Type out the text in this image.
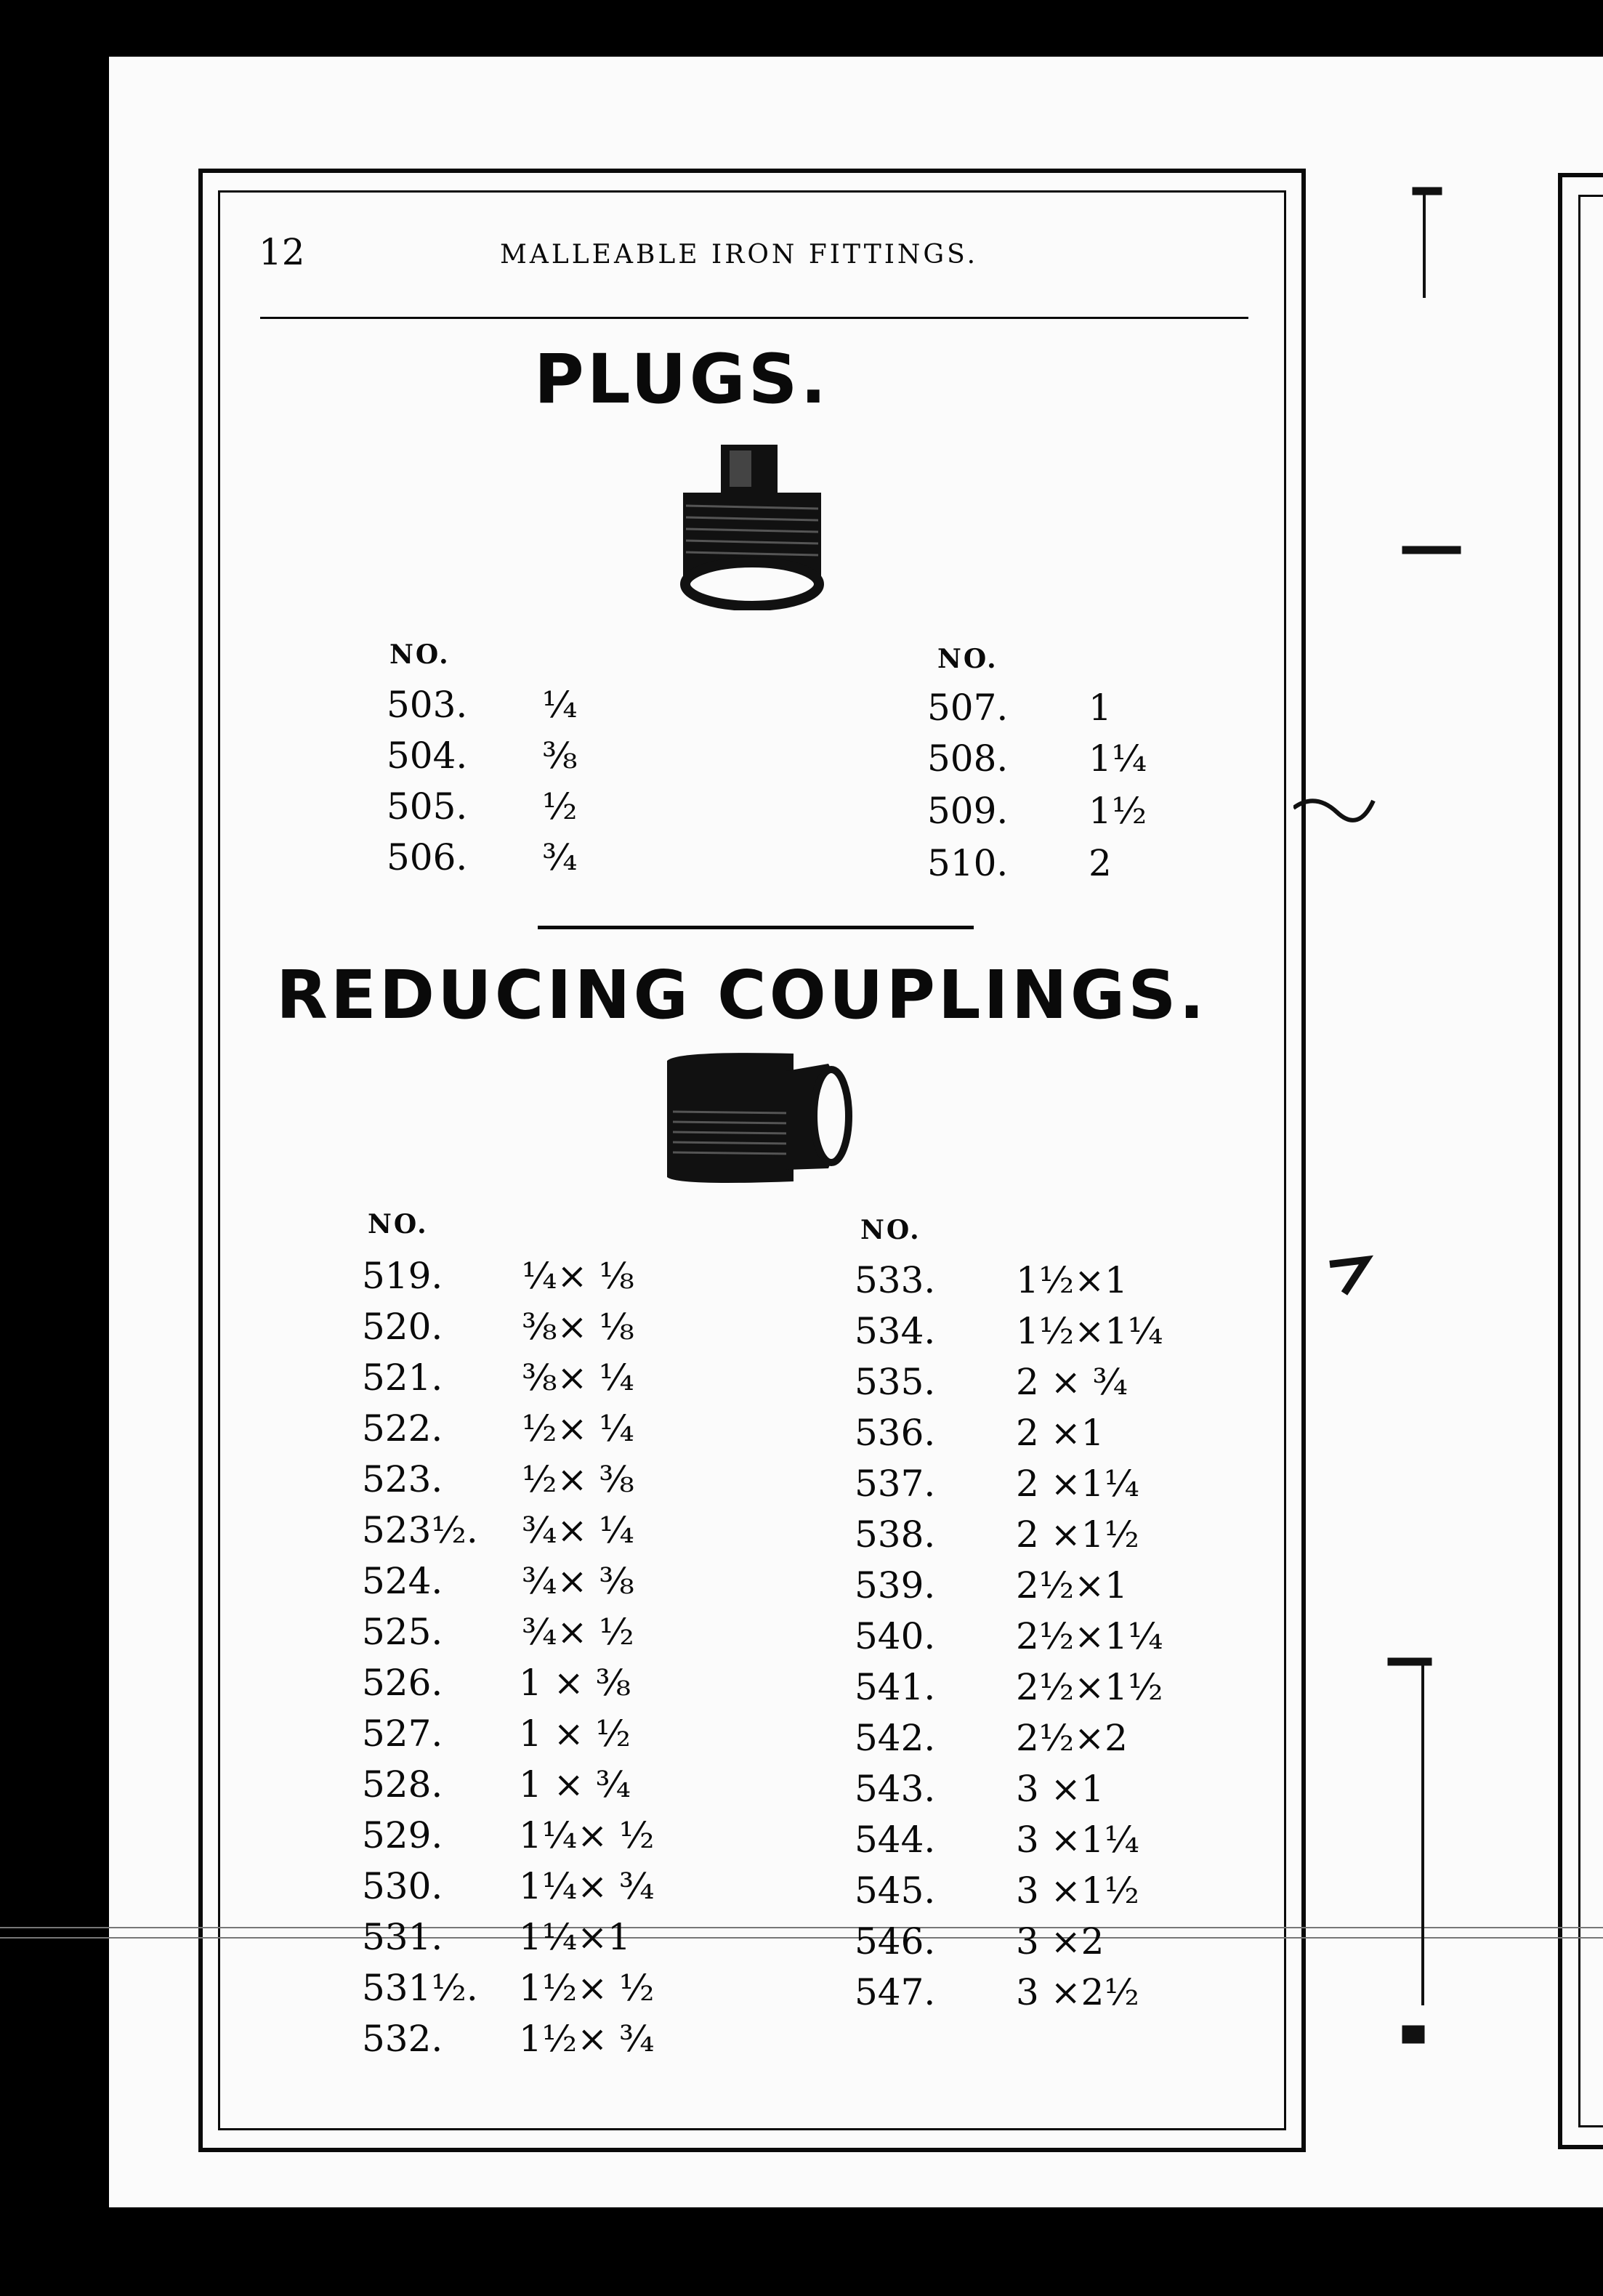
12	MALLEABLE IRON FITTINGS.
PLUGS.
NO.	NO.
503. ¼
504. ⅜
505. ½
506. ¾
507. 1
508. 1¼
509. 1½
510. 2
REDUCING COUPLINGS.
NO.	NO.
519. ¼× ⅛
520. ⅜× ⅛
521. ⅜× ¼
522. ½× ¼
523. ½× ⅜
523½. ¾× ¼
524. ¾× ⅜
525. ¾× ½
526. 1 × ⅜
527. 1 × ½
528. 1 × ¾
529. 1¼× ½
530. 1¼× ¾
531. 1¼×1
531½. 1½× ½
532. 1½× ¾
533. 1½×1
534. 1½×1¼
535. 2 × ¾
536. 2 ×1
537. 2 ×1¼
538. 2 ×1½
539. 2½×1
540. 2½×1¼
541. 2½×1½
542. 2½×2
543. 3 ×1
544. 3 ×1¼
545. 3 ×1½
546. 3 ×2
547. 3 ×2½
